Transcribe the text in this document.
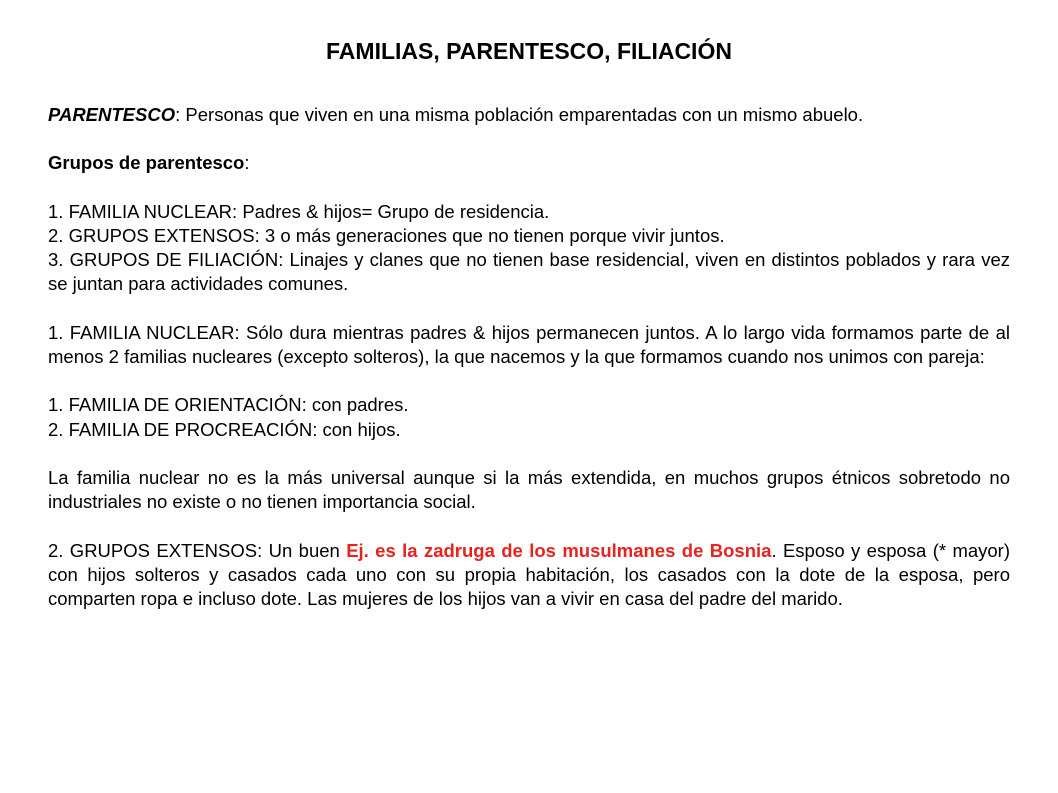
FAMILIAS, PARENTESCO, FILIACIÓN

PARENTESCO: Personas que viven en una misma población emparentadas con un mismo abuelo.

Grupos de parentesco:

1. FAMILIA NUCLEAR: Padres & hijos= Grupo de residencia.
2. GRUPOS EXTENSOS: 3 o más generaciones que no tienen porque vivir juntos.
3. GRUPOS DE FILIACIÓN: Linajes y clanes que no tienen base residencial, viven en distintos poblados y rara vez se juntan para actividades comunes.

1. FAMILIA NUCLEAR: Sólo dura mientras padres & hijos permanecen juntos. A lo largo vida formamos parte de al menos 2 familias nucleares (excepto solteros), la que nacemos y la que formamos cuando nos unimos con pareja:

1. FAMILIA DE ORIENTACIÓN: con padres.
2. FAMILIA DE PROCREACIÓN: con hijos.

La familia nuclear no es la más universal aunque si la más extendida, en muchos grupos étnicos sobretodo no industriales no existe o no tienen importancia social.

2. GRUPOS EXTENSOS: Un buen Ej. es la zadruga de los musulmanes de Bosnia. Esposo y esposa (* mayor) con hijos solteros y casados cada uno con su propia habitación, los casados con la dote de la esposa, pero comparten ropa e incluso dote. Las mujeres de los hijos van a vivir en casa del padre del marido.
